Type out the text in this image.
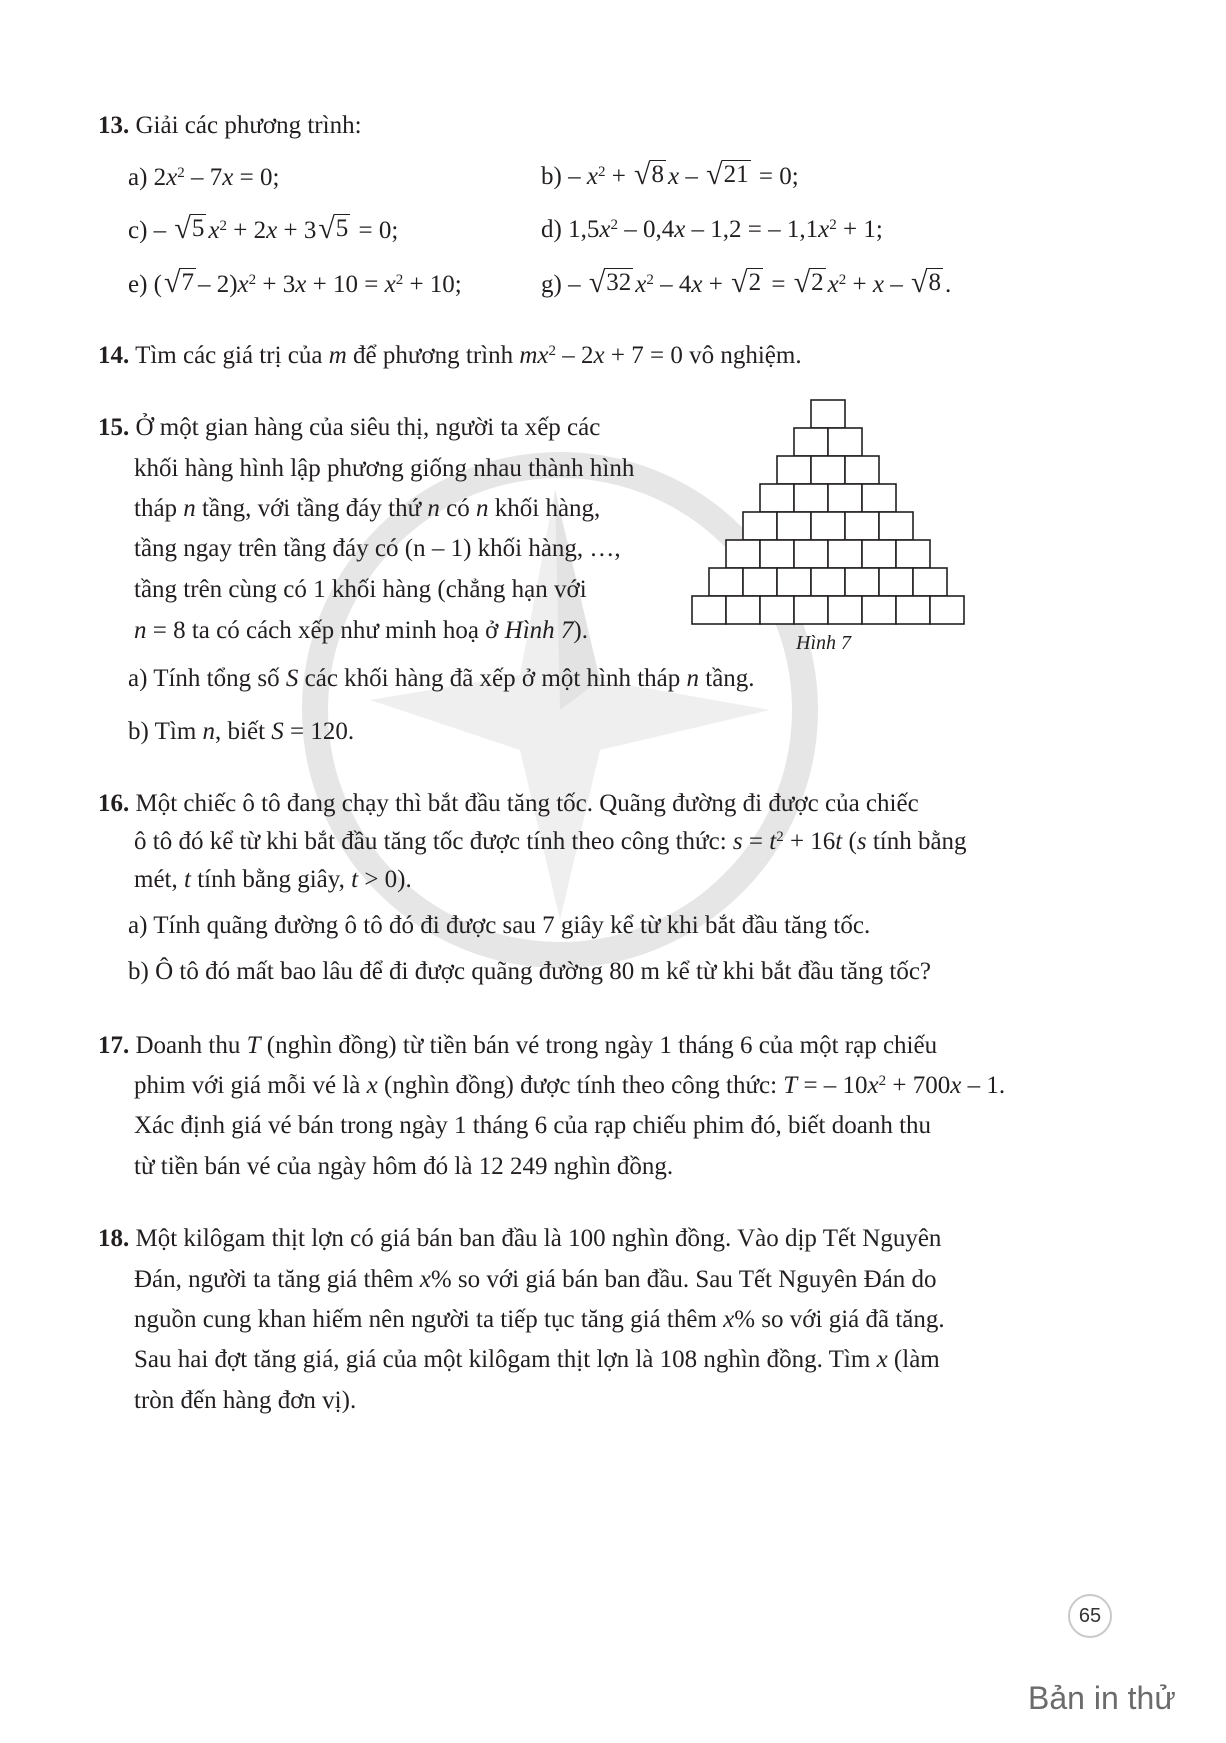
13. Giải các phương trình:
a) $2x^2 - 7x = 0$;	$b) - x^2$ + √ 8 x – √ 21 = 0;
c) – √ 5 $x^2 + 2x + 3$ √ 5 = 0;	d) $1,5x^2 - 0,4x - 1,2$ = – $1,1x^2 + 1$;
e) ( √ $7 - 2)x^2 + 3x + 10 = x^2 + 10$;	g) – √ 32 $x^2 - 4x$ + √ 2 = √ 2 $x^2 + x$ – √ 8 .
14. Tìm các giá trị của m để phương trình $mx^2 - 2x + 7 = 0$ vô nghiệm.
15. Ở một gian hàng của siêu thị, người ta xếp các
khối hàng hình lập phương giống nhau thành hình
tháp n tầng, với tầng đáy thứ n có n khối hàng,
tầng ngay trên tầng đáy có (n – 1) khối hàng, …,
tầng trên cùng có 1 khối hàng (chẳng hạn với
n = 8 ta có cách xếp như minh hoạ ở Hình 7).	Hình 7
a) Tính tổng số S các khối hàng đã xếp ở một hình tháp n tầng.
b) Tìm n, biết S = 120.
16. Một chiếc ô tô đang chạy thì bắt đầu tăng tốc. Quãng đường đi được của chiếc
ô tô đó kể từ khi bắt đầu tăng tốc được tính theo công thức: $s = t^2 + 16t$ (s tính bằng
mét, t tính bằng giây, t > 0).
a) Tính quãng đường ô tô đó đi được sau 7 giây kể từ khi bắt đầu tăng tốc.
b) Ô tô đó mất bao lâu để đi được quãng đường 80 m kể từ khi bắt đầu tăng tốc?
17. Doanh thu T (nghìn đồng) từ tiền bán vé trong ngày 1 tháng 6 của một rạp chiếu
phim với giá mỗi vé là x (nghìn đồng) được tính theo công thức: T = – $10x^2 + 700x - 1$.
Xác định giá vé bán trong ngày 1 tháng 6 của rạp chiếu phim đó, biết doanh thu
từ tiền bán vé của ngày hôm đó là 12 249 nghìn đồng.
18. Một kilôgam thịt lợn có giá bán ban đầu là 100 nghìn đồng. Vào dịp Tết Nguyên
Đán, người ta tăng giá thêm x% so với giá bán ban đầu. Sau Tết Nguyên Đán do
nguồn cung khan hiếm nên người ta tiếp tục tăng giá thêm x% so với giá đã tăng.
Sau hai đợt tăng giá, giá của một kilôgam thịt lợn là 108 nghìn đồng. Tìm x (làm
tròn đến hàng đơn vị).
65
Bản in thử
